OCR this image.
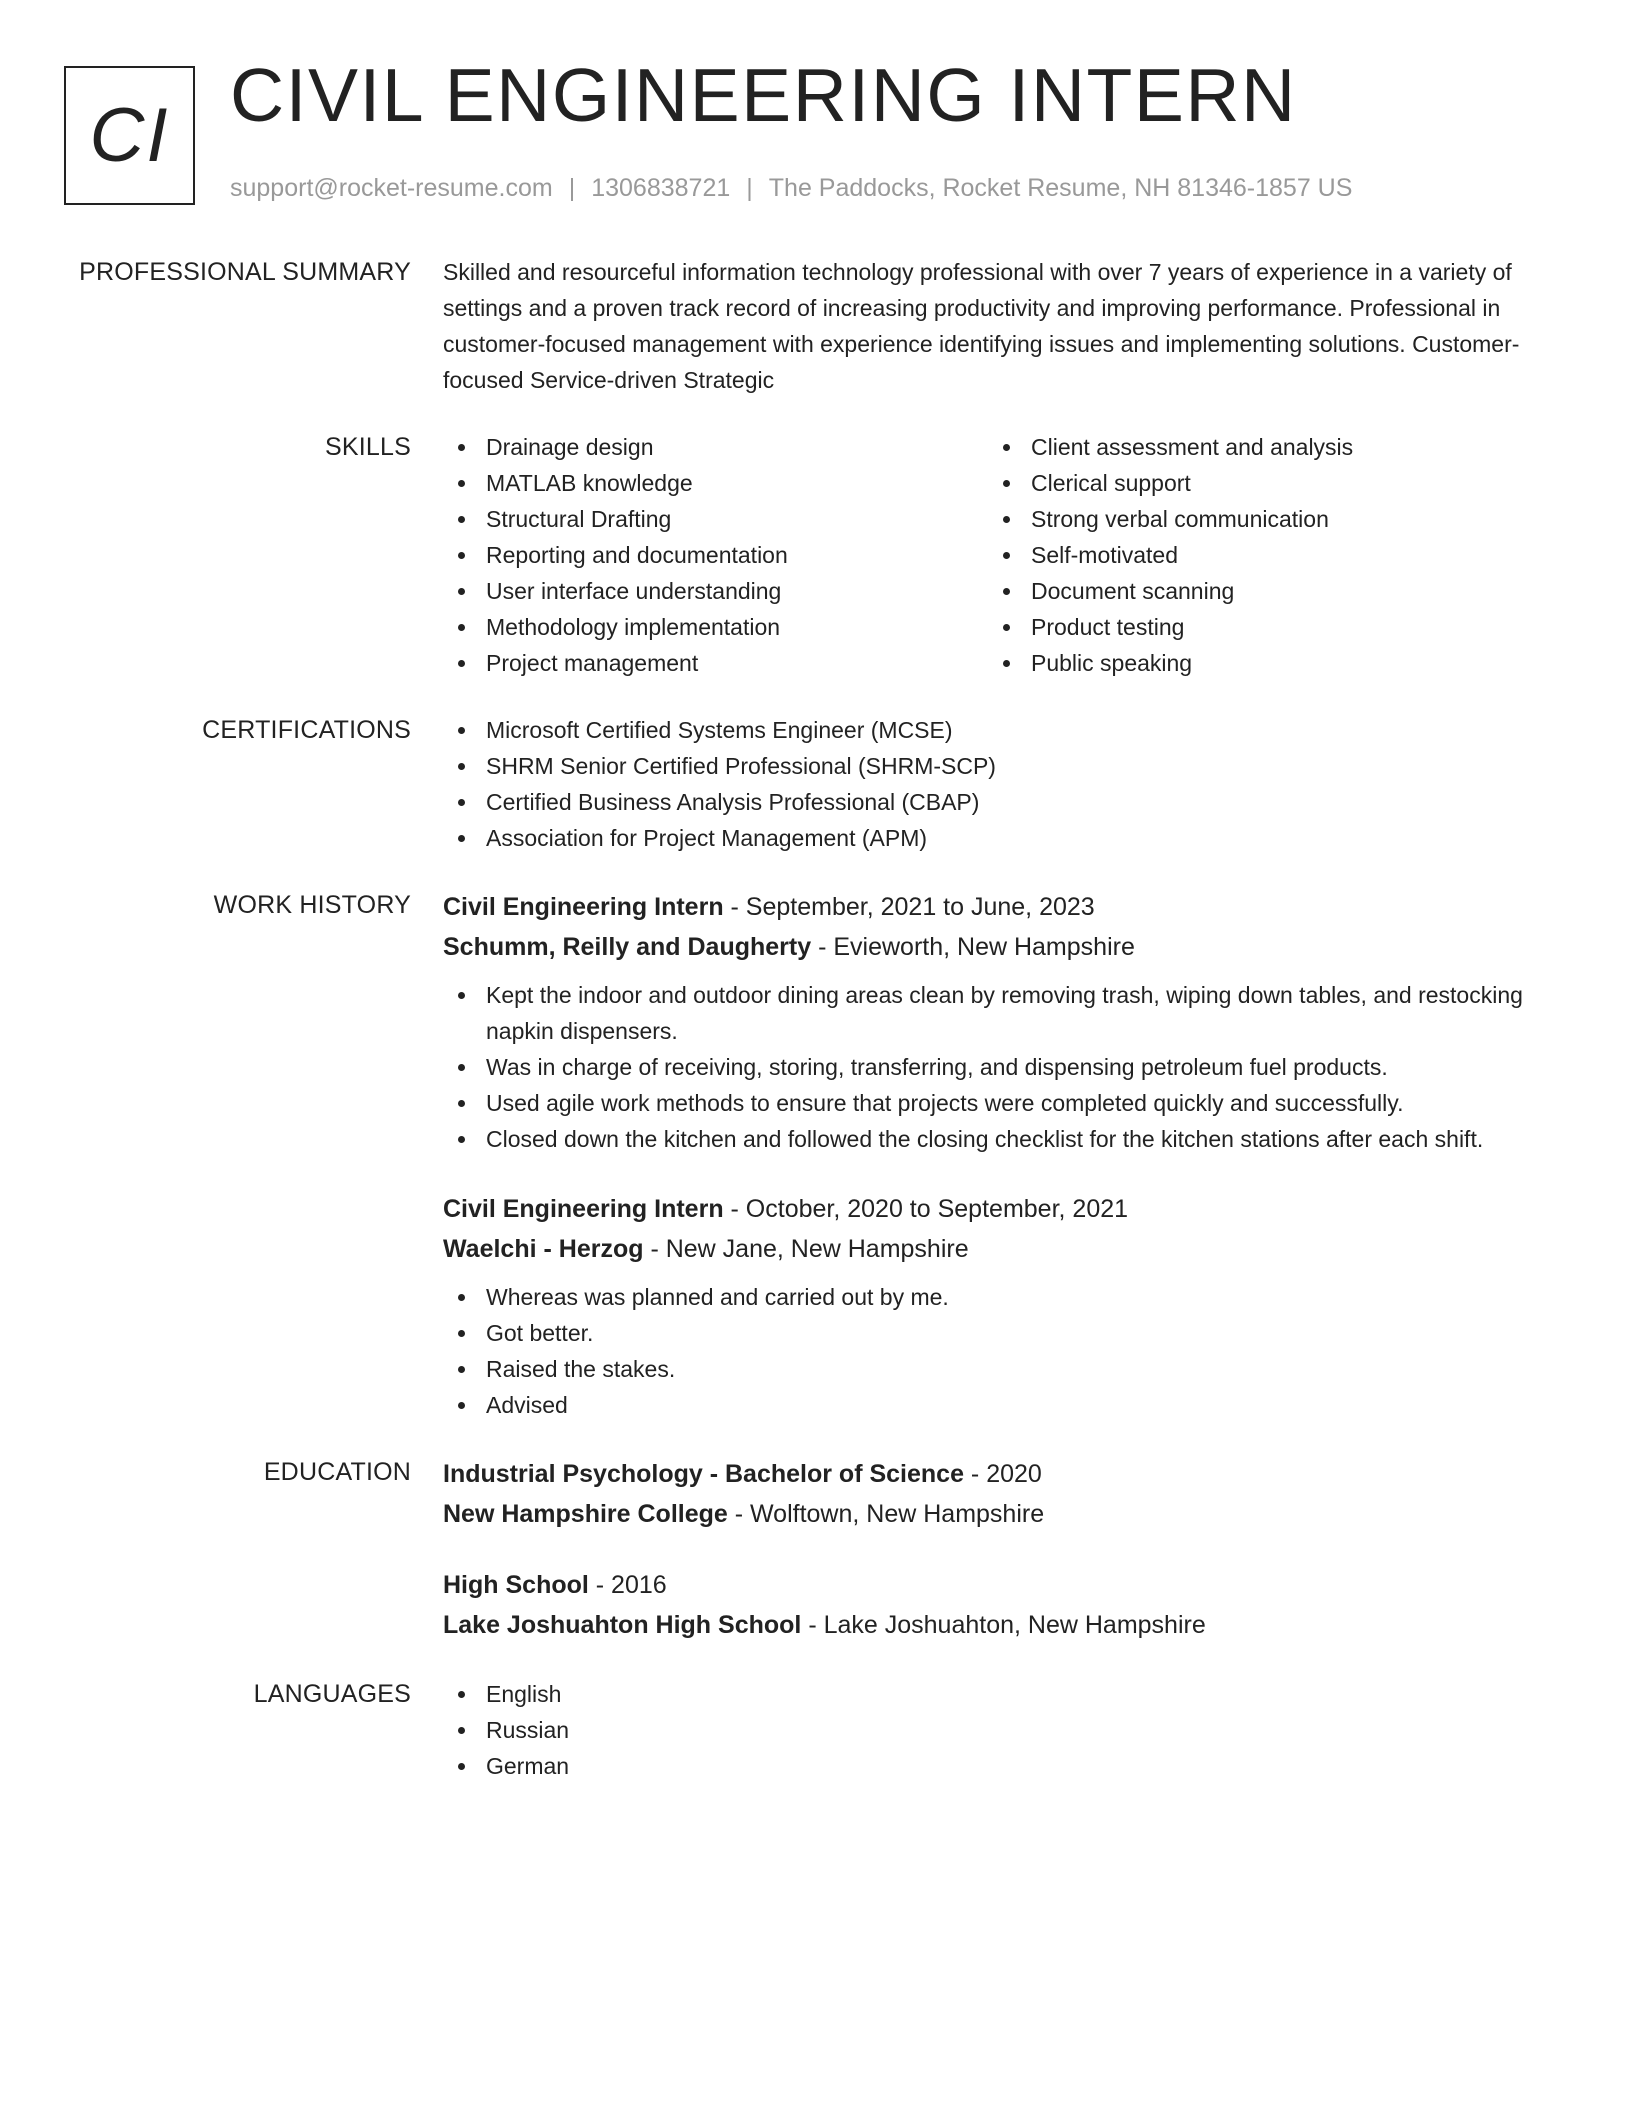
CI CIVIL ENGINEERING INTERN
support@rocket-resume.com | 1306838721 | The Paddocks, Rocket Resume, NH 81346-1857 US
PROFESSIONAL SUMMARY Skilled and resourceful information technology professional with over 7 years of experience in a variety of settings and a proven track record of increasing productivity and improving performance. Professional in customer-focused management with experience identifying issues and implementing solutions. Customer-focused Service-driven Strategic
SKILLS	Drainage design
MATLAB knowledge
Structural Drafting
Reporting and documentation
User interface understanding
Methodology implementation
Project management
Client assessment and analysis
Clerical support
Strong verbal communication
Self-motivated
Document scanning
Product testing
Public speaking
CERTIFICATIONS	Microsoft Certified Systems Engineer (MCSE)
SHRM Senior Certified Professional (SHRM-SCP)
Certified Business Analysis Professional (CBAP)
Association for Project Management (APM)
WORK HISTORY Civil Engineering Intern - September, 2021 to June, 2023
Schumm, Reilly and Daugherty - Evieworth, New Hampshire
Kept the indoor and outdoor dining areas clean by removing trash, wiping down tables, and restocking napkin dispensers.
Was in charge of receiving, storing, transferring, and dispensing petroleum fuel products.
Used agile work methods to ensure that projects were completed quickly and successfully.
Closed down the kitchen and followed the closing checklist for the kitchen stations after each shift.
Civil Engineering Intern - October, 2020 to September, 2021
Waelchi - Herzog - New Jane, New Hampshire
Whereas was planned and carried out by me.
Got better.
Raised the stakes.
Advised
EDUCATION Industrial Psychology - Bachelor of Science - 2020
New Hampshire College - Wolftown, New Hampshire
High School - 2016
Lake Joshuahton High School - Lake Joshuahton, New Hampshire
LANGUAGES	English
Russian
German
